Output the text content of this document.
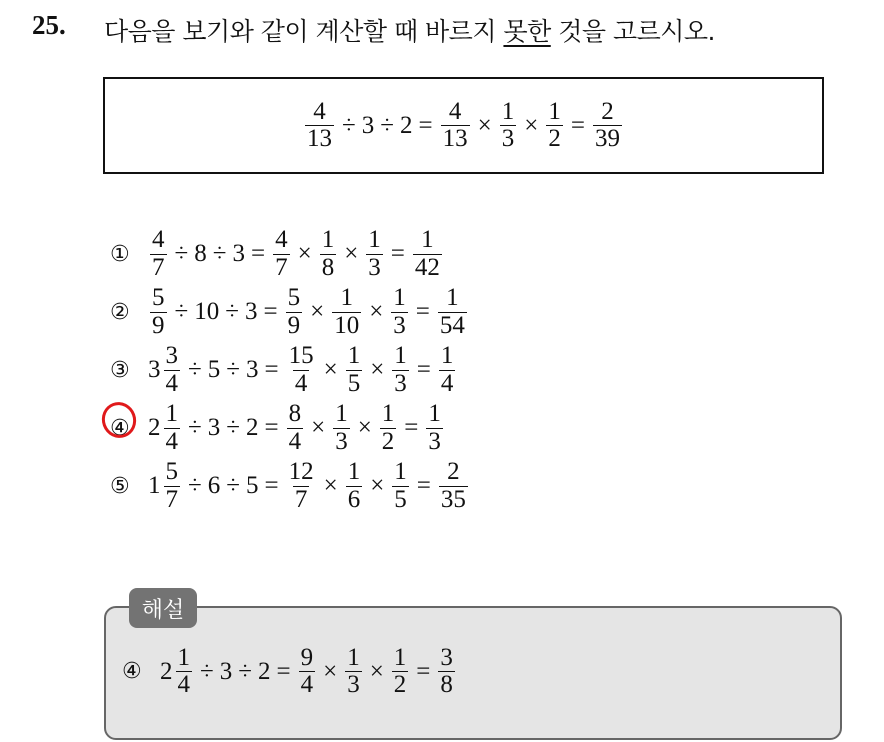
25. 다음을 보기와 같이 계산할 때 바르지 못한 것을 고르시오.
$\frac{4}{13} \div 3 \div 2 = \frac{4}{13} \times \frac{1}{3} \times \frac{1}{2} = \frac{2}{39}$
① $\frac{4}{7} \div 8 \div 3 = \frac{4}{7} \times \frac{1}{8} \times \frac{1}{3} = \frac{1}{42}$
② $\frac{5}{9} \div 10 \div 3 = \frac{5}{9} \times \frac{1}{10} \times \frac{1}{3} = \frac{1}{54}$
③ $3 \frac{3}{4} \div 5 \div 3 = \frac{15}{4} \times \frac{1}{5} \times \frac{1}{3} = \frac{1}{4}$
④ $2 \frac{1}{4} \div 3 \div 2 = \frac{8}{4} \times \frac{1}{3} \times \frac{1}{2} = \frac{1}{3}$
⑤ $1 \frac{5}{7} \div 6 \div 5 = \frac{12}{7} \times \frac{1}{6} \times \frac{1}{5} = \frac{2}{35}$
해설
④ $2 \frac{1}{4} \div 3 \div 2 = \frac{9}{4} \times \frac{1}{3} \times \frac{1}{2} = \frac{3}{8}$
